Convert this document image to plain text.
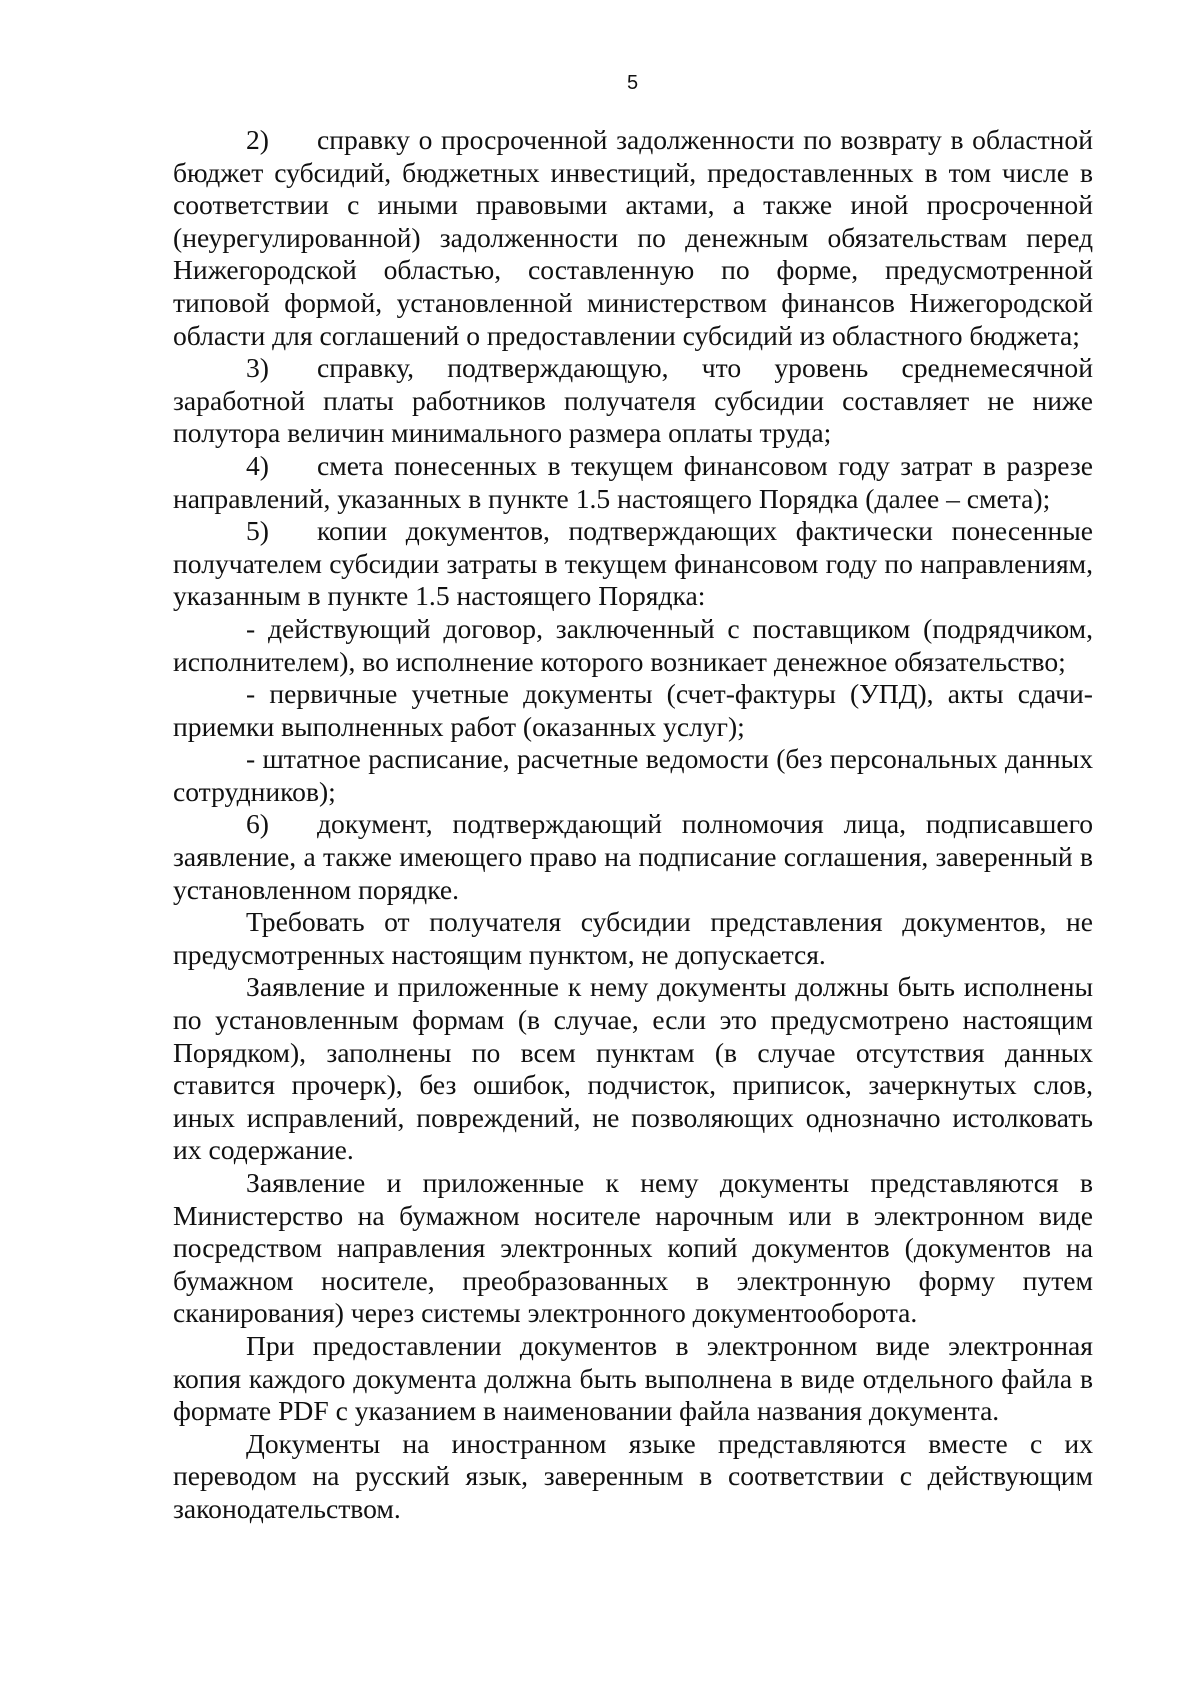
5

2) справку о просроченной задолженности по возврату в областной бюджет субсидий, бюджетных инвестиций, предоставленных в том числе в соответствии с иными правовыми актами, а также иной просроченной (неурегулированной) задолженности по денежным обязательствам перед Нижегородской областью, составленную по форме, предусмотренной типовой формой, установленной министерством финансов Нижегородской области для соглашений о предоставлении субсидий из областного бюджета;

3) справку, подтверждающую, что уровень среднемесячной заработной платы работников получателя субсидии составляет не ниже полутора величин минимального размера оплаты труда;

4) смета понесенных в текущем финансовом году затрат в разрезе направлений, указанных в пункте 1.5 настоящего Порядка (далее – смета);

5) копии документов, подтверждающих фактически понесенные получателем субсидии затраты в текущем финансовом году по направлениям, указанным в пункте 1.5 настоящего Порядка:

- действующий договор, заключенный с поставщиком (подрядчиком, исполнителем), во исполнение которого возникает денежное обязательство;

- первичные учетные документы (счет-фактуры (УПД), акты сдачи-приемки выполненных работ (оказанных услуг);

- штатное расписание, расчетные ведомости (без персональных данных сотрудников);

6) документ, подтверждающий полномочия лица, подписавшего заявление, а также имеющего право на подписание соглашения, заверенный в установленном порядке.

Требовать от получателя субсидии представления документов, не предусмотренных настоящим пунктом, не допускается.

Заявление и приложенные к нему документы должны быть исполнены по установленным формам (в случае, если это предусмотрено настоящим Порядком), заполнены по всем пунктам (в случае отсутствия данных ставится прочерк), без ошибок, подчисток, приписок, зачеркнутых слов, иных исправлений, повреждений, не позволяющих однозначно истолковать их содержание.

Заявление и приложенные к нему документы представляются в Министерство на бумажном носителе нарочным или в электронном виде посредством направления электронных копий документов (документов на бумажном носителе, преобразованных в электронную форму путем сканирования) через системы электронного документооборота.

При предоставлении документов в электронном виде электронная копия каждого документа должна быть выполнена в виде отдельного файла в формате PDF с указанием в наименовании файла названия документа.

Документы на иностранном языке представляются вместе с их переводом на русский язык, заверенным в соответствии с действующим законодательством.
